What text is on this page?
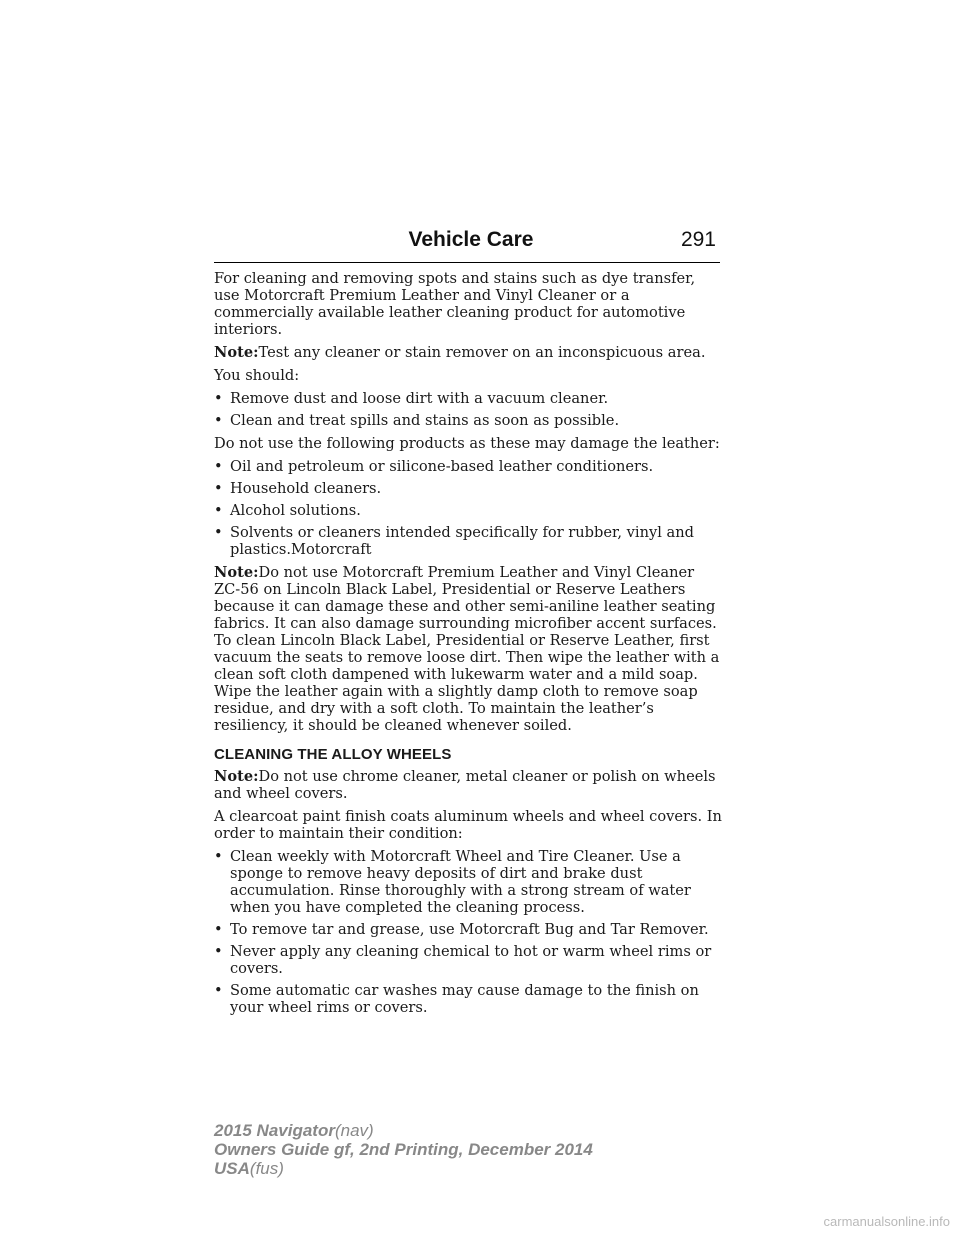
Vehicle Care	291

For cleaning and removing spots and stains such as dye transfer, use Motorcraft Premium Leather and Vinyl Cleaner or a commercially available leather cleaning product for automotive interiors.

Note:Test any cleaner or stain remover on an inconspicuous area.

You should:

• Remove dust and loose dirt with a vacuum cleaner.
• Clean and treat spills and stains as soon as possible.

Do not use the following products as these may damage the leather:

• Oil and petroleum or silicone-based leather conditioners.
• Household cleaners.
• Alcohol solutions.
• Solvents or cleaners intended specifically for rubber, vinyl and plastics.Motorcraft

Note:Do not use Motorcraft Premium Leather and Vinyl Cleaner ZC-56 on Lincoln Black Label, Presidential or Reserve Leathers because it can damage these and other semi-aniline leather seating fabrics. It can also damage surrounding microfiber accent surfaces. To clean Lincoln Black Label, Presidential or Reserve Leather, first vacuum the seats to remove loose dirt. Then wipe the leather with a clean soft cloth dampened with lukewarm water and a mild soap. Wipe the leather again with a slightly damp cloth to remove soap residue, and dry with a soft cloth. To maintain the leather’s resiliency, it should be cleaned whenever soiled.

CLEANING THE ALLOY WHEELS

Note:Do not use chrome cleaner, metal cleaner or polish on wheels and wheel covers.

A clearcoat paint finish coats aluminum wheels and wheel covers. In order to maintain their condition:

• Clean weekly with Motorcraft Wheel and Tire Cleaner. Use a sponge to remove heavy deposits of dirt and brake dust accumulation. Rinse thoroughly with a strong stream of water when you have completed the cleaning process.
• To remove tar and grease, use Motorcraft Bug and Tar Remover.
• Never apply any cleaning chemical to hot or warm wheel rims or covers.
• Some automatic car washes may cause damage to the finish on your wheel rims or covers.
2015 Navigator(nav)
Owners Guide gf, 2nd Printing, December 2014
USA(fus)
carmanualsonline.info
